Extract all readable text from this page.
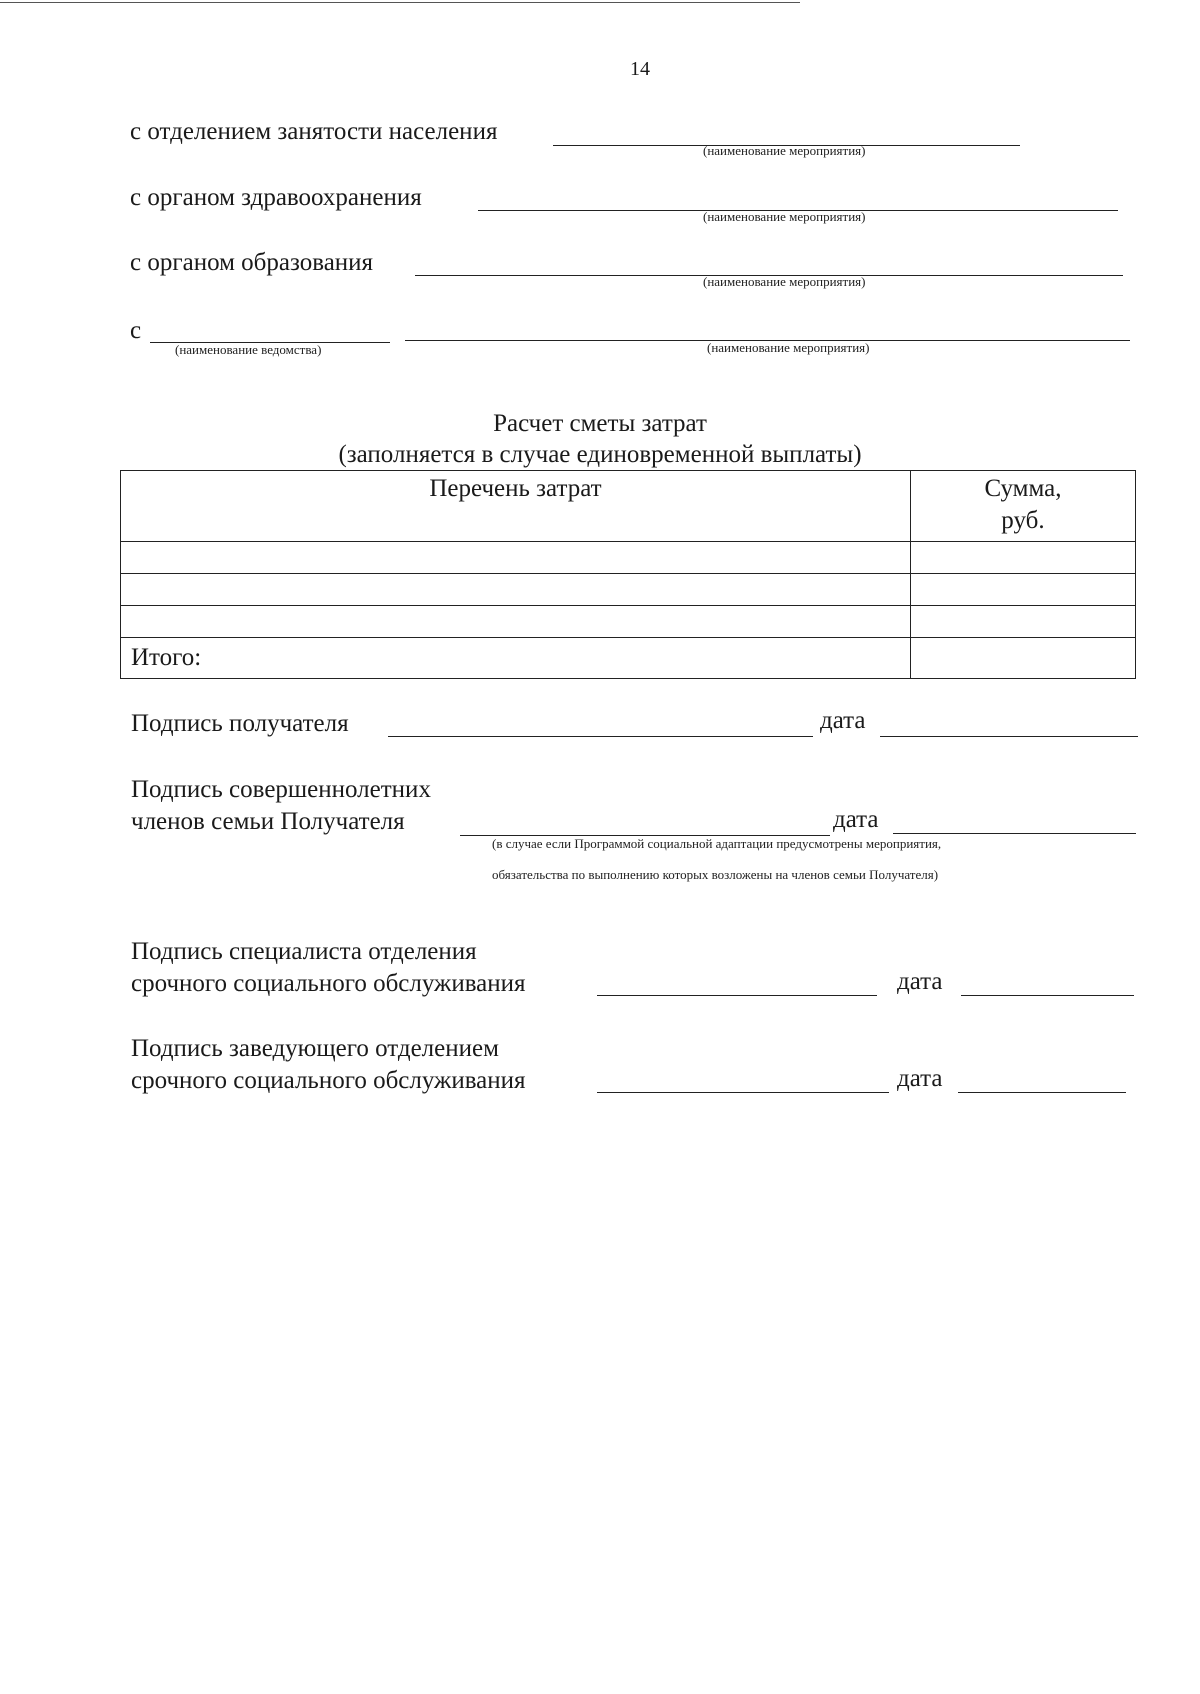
14
с отделением занятости населения
(наименование мероприятия)
с органом здравоохранения
(наименование мероприятия)
с органом образования
(наименование мероприятия)
с
(наименование ведомства)	(наименование мероприятия)
Расчет сметы затрат
(заполняется в случае единовременной выплаты)
Перечень затрат	Сумма,
руб.

Итого:	
Подпись получателя	дата
Подпись совершеннолетних
членов семьи Получателя	дата
(в случае если Программой социальной адаптации предусмотрены мероприятия,
обязательства по выполнению которых возложены на членов семьи Получателя)
Подпись специалиста отделения
срочного социального обслуживания	дата
Подпись заведующего отделением
срочного социального обслуживания	дата
